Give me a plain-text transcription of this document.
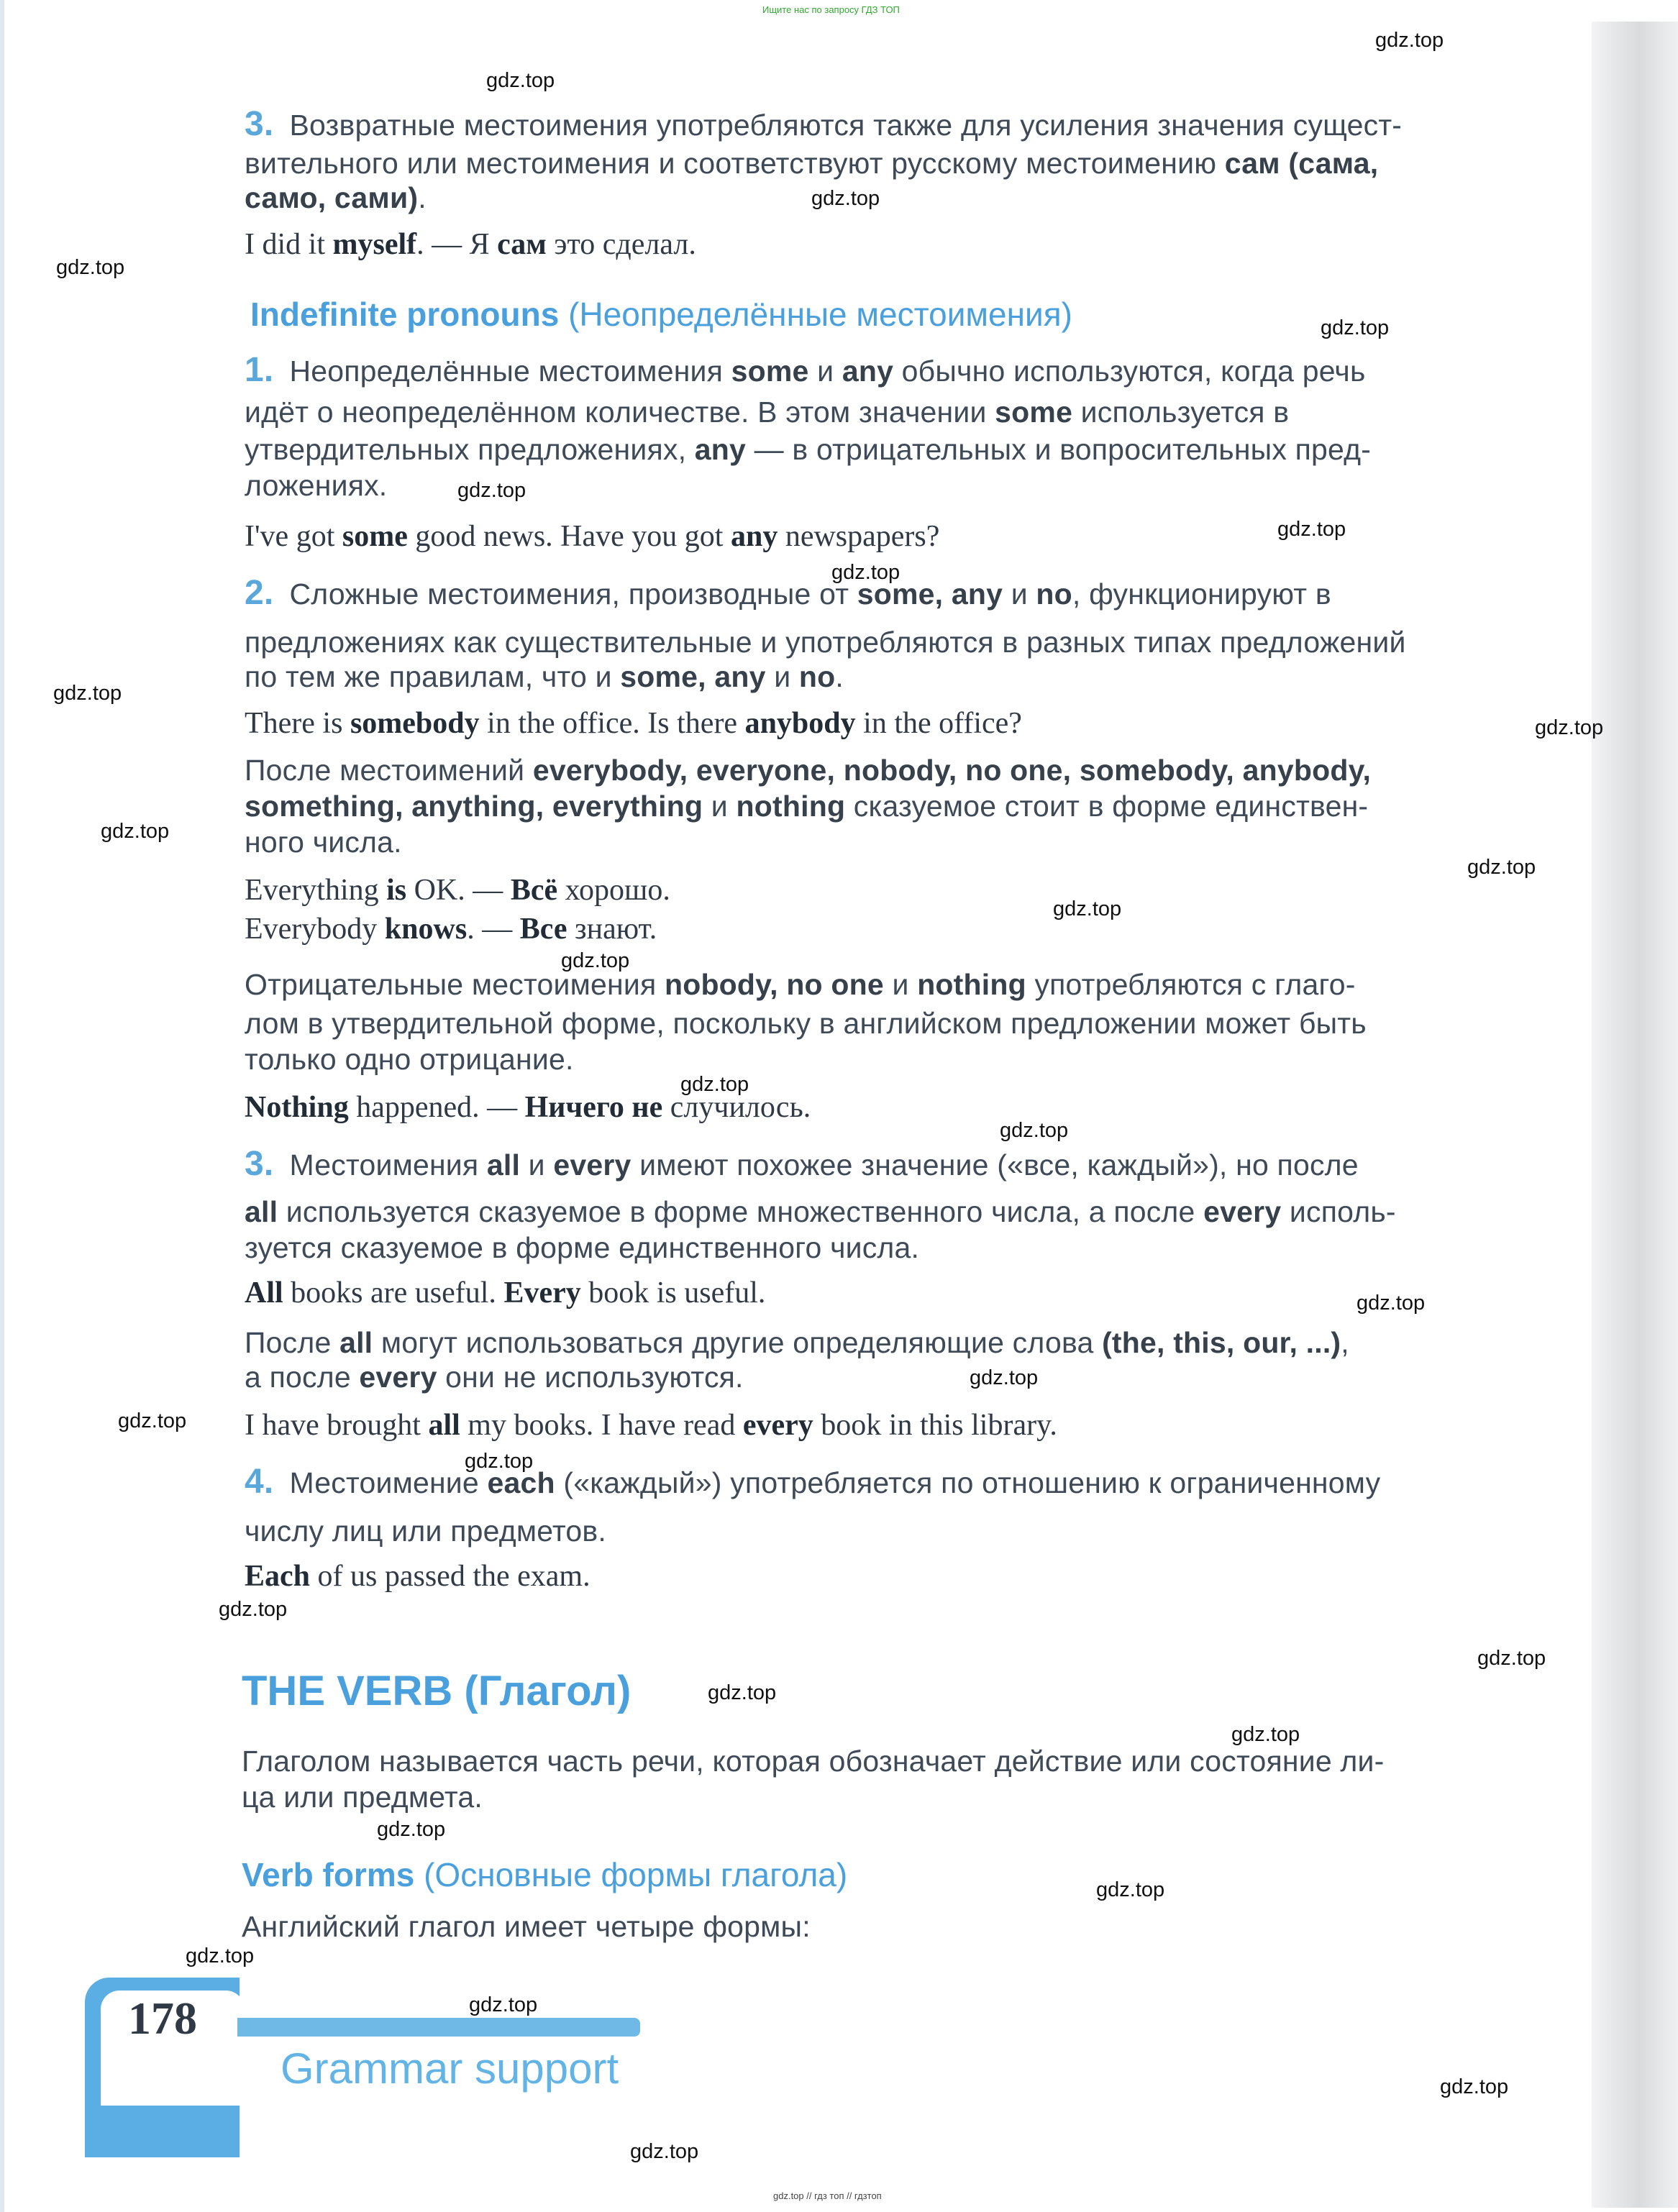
Ищите нас по запросу ГДЗ ТОП
3. Возвратные местоимения употребляются также для усиления значения сущест-
вительного или местоимения и соответствуют русскому местоимению сам (сама,
само, сами).
I did it myself. — Я сам это сделал.
Indefinite pronouns (Неопределённые местоимения)
1. Неопределённые местоимения some и any обычно используются, когда речь
идёт о неопределённом количестве. В этом значении some используется в
утвердительных предложениях, any — в отрицательных и вопросительных пред-
ложениях.
I've got some good news. Have you got any newspapers?
2. Сложные местоимения, производные от some, any и no, функционируют в
предложениях как существительные и употребляются в разных типах предложений
по тем же правилам, что и some, any и no.
There is somebody in the office. Is there anybody in the office?
После местоимений everybody, everyone, nobody, no one, somebody, anybody,
something, anything, everything и nothing сказуемое стоит в форме единствен-
ного числа.
Everything is OK. — Всё хорошо.
Everybody knows. — Все знают.
Отрицательные местоимения nobody, no one и nothing употребляются с глаго-
лом в утвердительной форме, поскольку в английском предложении может быть
только одно отрицание.
Nothing happened. — Ничего не случилось.
3. Местоимения all и every имеют похожее значение («все, каждый»), но после
all используется сказуемое в форме множественного числа, а после every исполь-
зуется сказуемое в форме единственного числа.
All books are useful. Every book is useful.
После all могут использоваться другие определяющие слова (the, this, our, ...),
а после every они не используются.
I have brought all my books. I have read every book in this library.
4. Местоимение each («каждый») употребляется по отношению к ограниченному
числу лиц или предметов.
Each of us passed the exam.
THE VERB (Глагол)
Глаголом называется часть речи, которая обозначает действие или состояние ли-
ца или предмета.
Verb forms (Основные формы глагола)
Английский глагол имеет четыре формы:
178
Grammar support
gdz.top
gdz.top
gdz.top
gdz.top
gdz.top
gdz.top
gdz.top
gdz.top
gdz.top
gdz.top
gdz.top
gdz.top
gdz.top
gdz.top
gdz.top
gdz.top
gdz.top
gdz.top
gdz.top
gdz.top
gdz.top
gdz.top
gdz.top
gdz.top
gdz.top
gdz.top
gdz.top
gdz.top
gdz.top
gdz.top
gdz.top // гдз топ // гдзтоп
